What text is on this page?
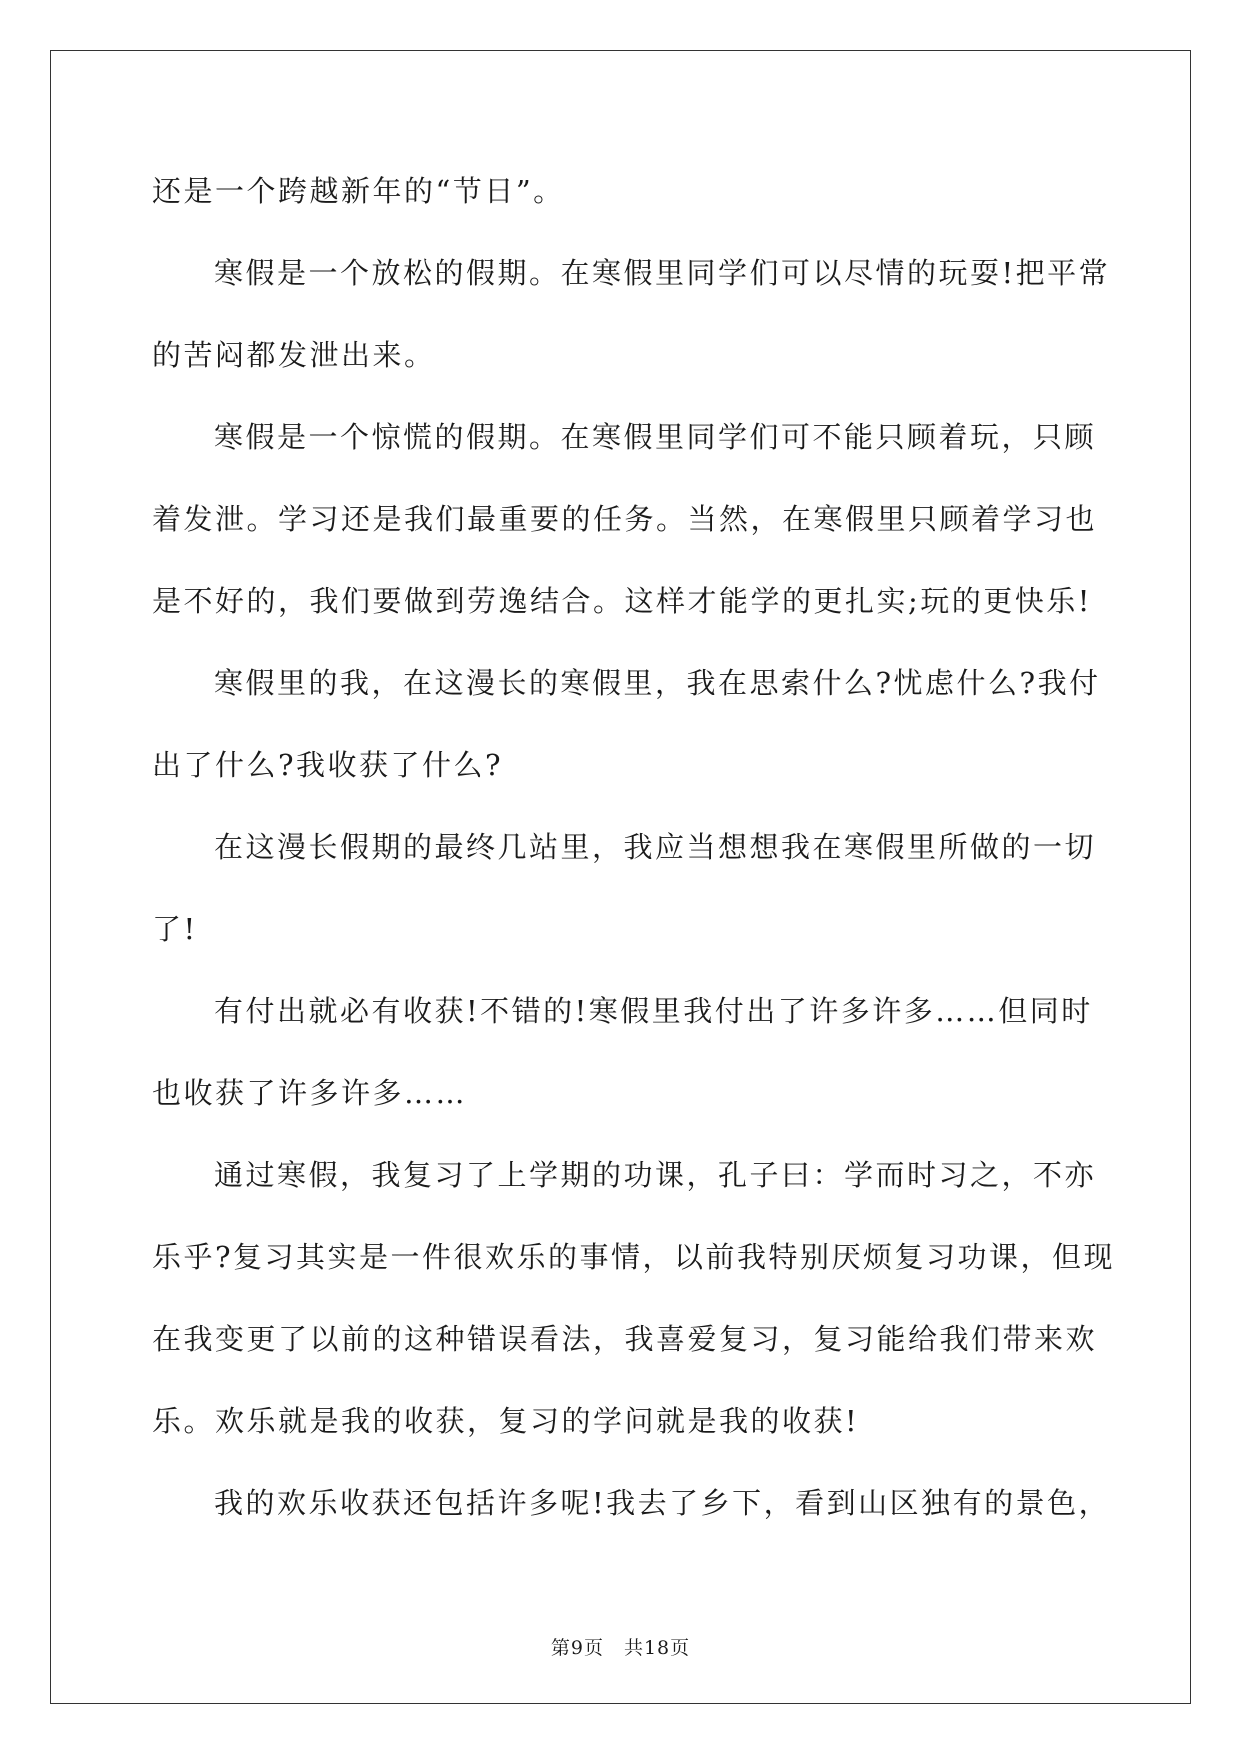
还是一个跨越新年的“节日”。

寒假是一个放松的假期。在寒假里同学们可以尽情的玩耍!把平常

的苦闷都发泄出来。

寒假是一个惊慌的假期。在寒假里同学们可不能只顾着玩，只顾

着发泄。学习还是我们最重要的任务。当然，在寒假里只顾着学习也

是不好的，我们要做到劳逸结合。这样才能学的更扎实;玩的更快乐!

寒假里的我，在这漫长的寒假里，我在思索什么?忧虑什么?我付

出了什么?我收获了什么?

在这漫长假期的最终几站里，我应当想想我在寒假里所做的一切

了!

有付出就必有收获!不错的!寒假里我付出了许多许多……但同时

也收获了许多许多……

通过寒假，我复习了上学期的功课，孔子曰：学而时习之，不亦

乐乎?复习其实是一件很欢乐的事情，以前我特别厌烦复习功课，但现

在我变更了以前的这种错误看法，我喜爱复习，复习能给我们带来欢

乐。欢乐就是我的收获，复习的学问就是我的收获!

我的欢乐收获还包括许多呢!我去了乡下，看到山区独有的景色，

第9页　共18页
